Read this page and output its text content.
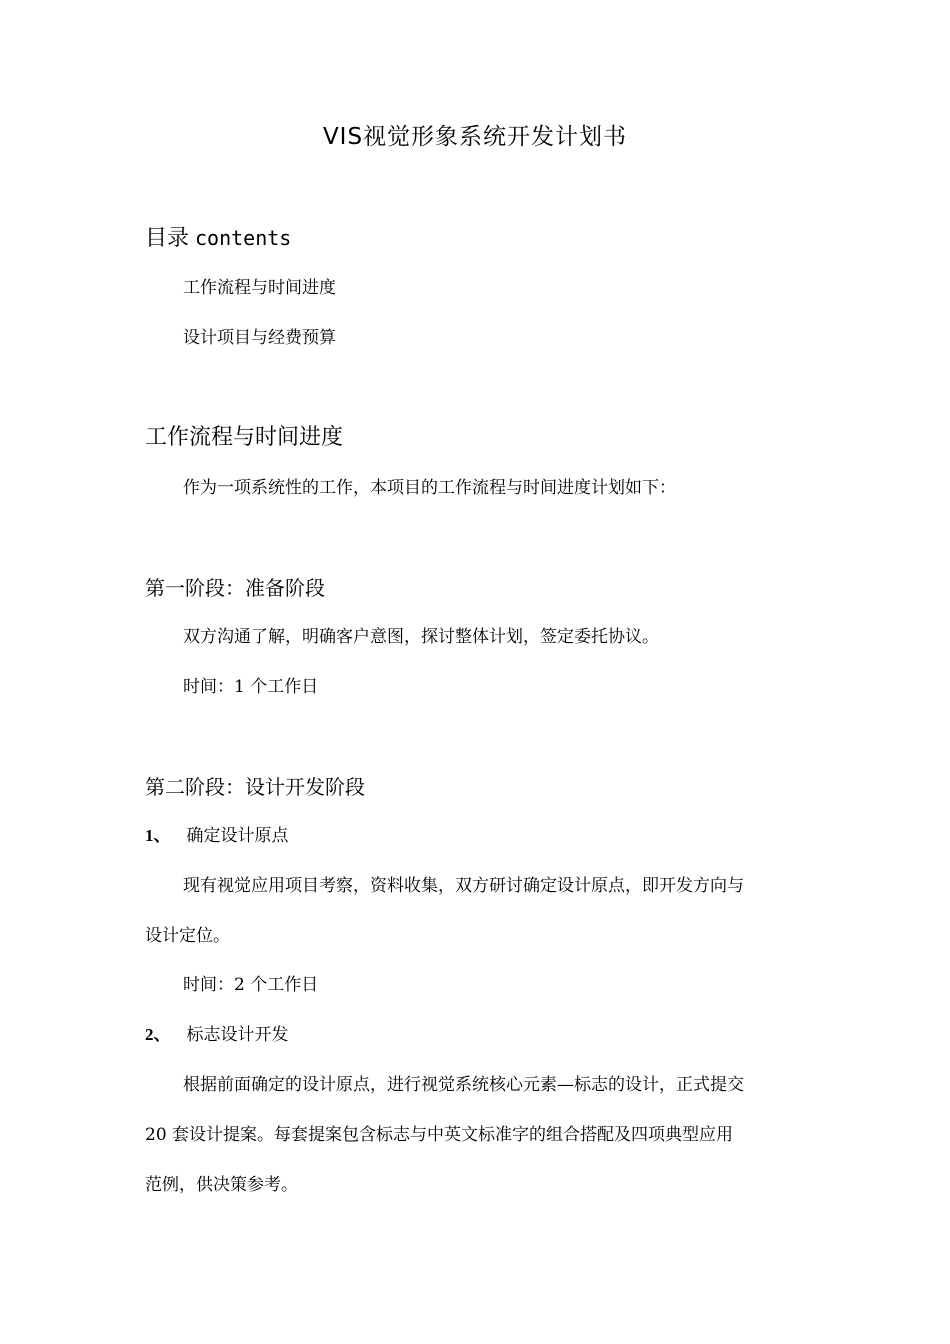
VIS视觉形象系统开发计划书
目录 contents
工作流程与时间进度
设计项目与经费预算
工作流程与时间进度
作为一项系统性的工作，本项目的工作流程与时间进度计划如下：
第一阶段：准备阶段
双方沟通了解，明确客户意图，探讨整体计划，签定委托协议。
时间：1 个工作日
第二阶段：设计开发阶段
1、 确定设计原点
现有视觉应用项目考察，资料收集，双方研讨确定设计原点，即开发方向与
设计定位。
时间：2 个工作日
2、 标志设计开发
根据前面确定的设计原点，进行视觉系统核心元素—标志的设计，正式提交
20 套设计提案。每套提案包含标志与中英文标准字的组合搭配及四项典型应用
范例，供决策参考。
